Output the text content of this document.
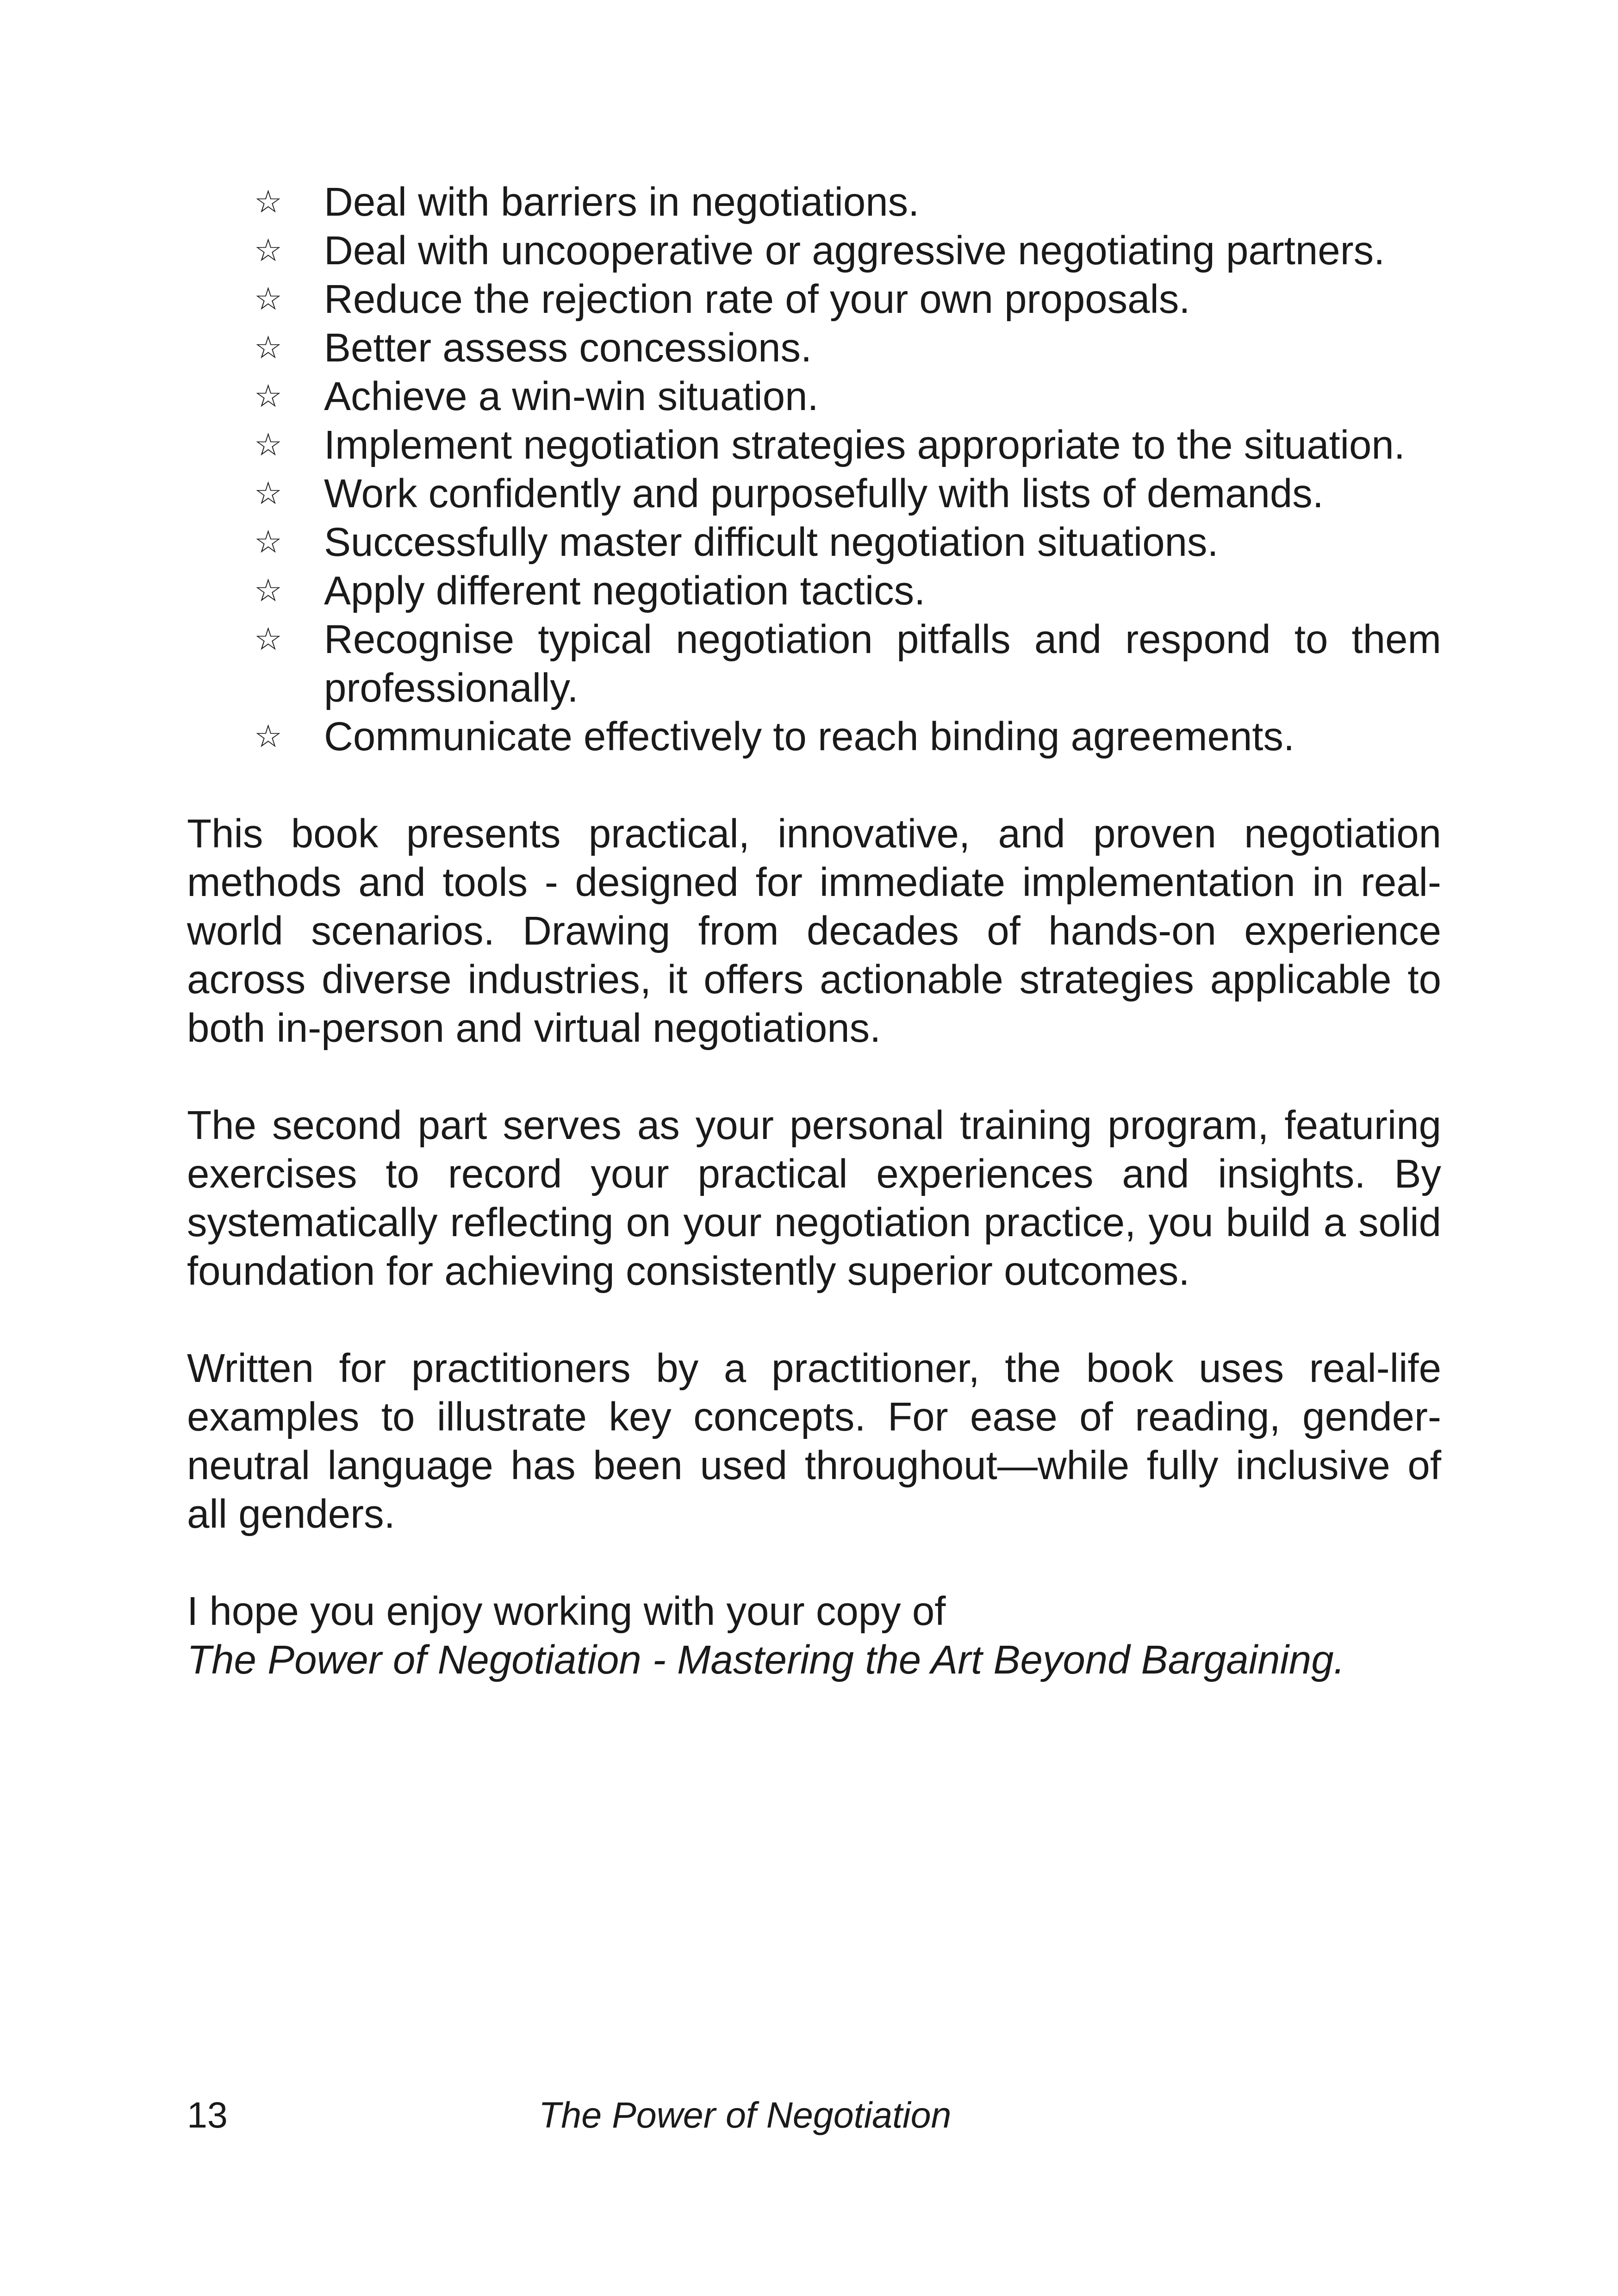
☆ Deal with barriers in negotiations.
☆ Deal with uncooperative or aggressive negotiating partners.
☆ Reduce the rejection rate of your own proposals.
☆ Better assess concessions.
☆ Achieve a win-win situation.
☆ Implement negotiation strategies appropriate to the situation.
☆ Work confidently and purposefully with lists of demands.
☆ Successfully master difficult negotiation situations.
☆ Apply different negotiation tactics.
☆ Recognise typical negotiation pitfalls and respond to them professionally.
☆ Communicate effectively to reach binding agreements.

This book presents practical, innovative, and proven negotiation methods and tools - designed for immediate implementation in real-world scenarios. Drawing from decades of hands-on experience across diverse industries, it offers actionable strategies applicable to both in-person and virtual negotiations.

The second part serves as your personal training program, featuring exercises to record your practical experiences and insights. By systematically reflecting on your negotiation practice, you build a solid foundation for achieving consistently superior outcomes.

Written for practitioners by a practitioner, the book uses real-life examples to illustrate key concepts. For ease of reading, gender-neutral language has been used throughout—while fully inclusive of all genders.

I hope you enjoy working with your copy of
The Power of Negotiation - Mastering the Art Beyond Bargaining.

13	The Power of Negotiation
